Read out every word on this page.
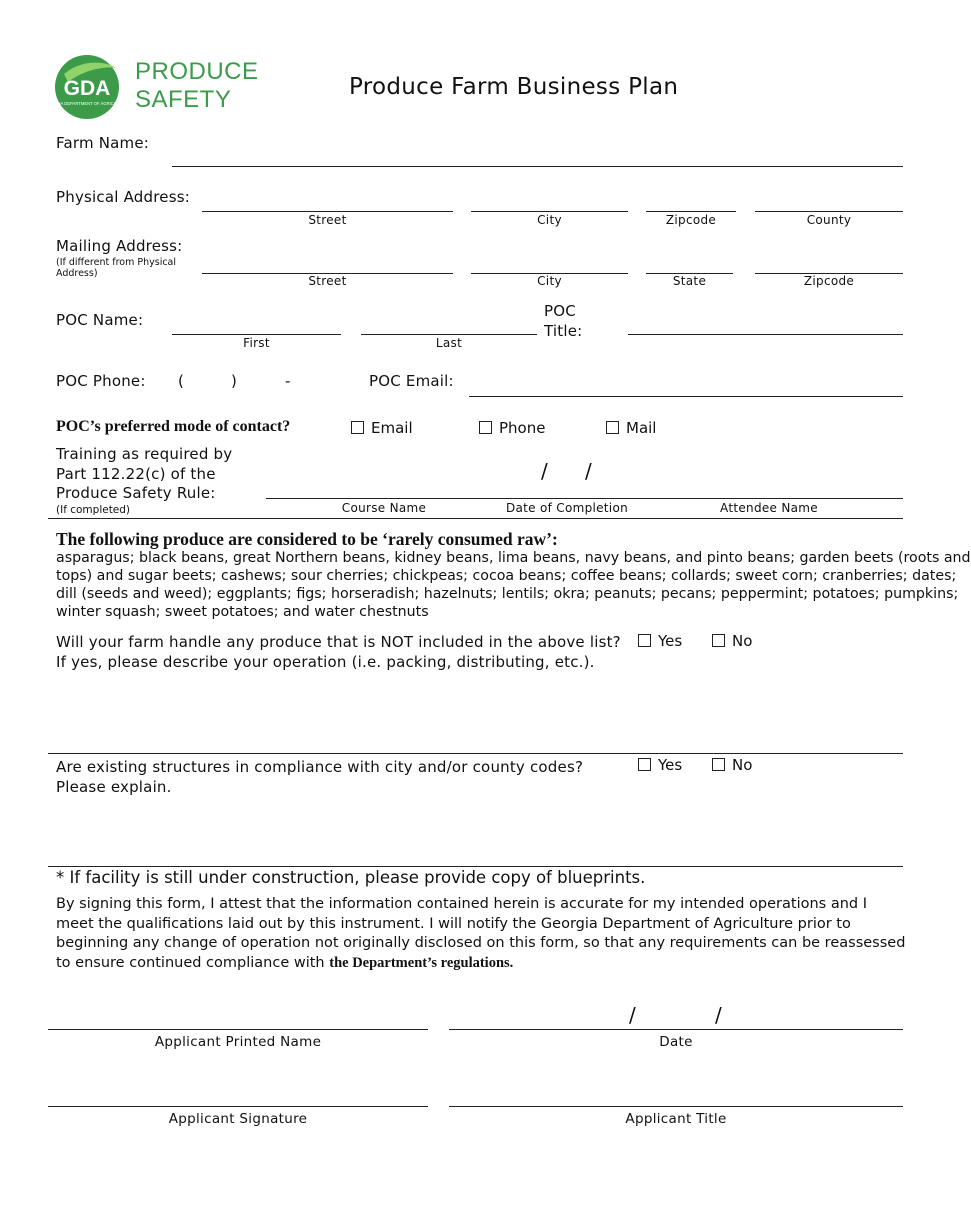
GDA
GEORGIA DEPARTMENT OF AGRICULTURE
PRODUCE
SAFETY	Produce Farm Business Plan
Farm Name:
Physical Address:
Street	City	Zipcode	County
Mailing Address:
(If different from Physical Address)
Street	City	State	Zipcode
POC Name:
First	Last
POC
Title:
POC Phone: (	)	-	POC Email:
POC’s preferred mode of contact?	Email	Phone	Mail
Training as required by
Part 112.22(c) of the
Produce Safety Rule:
(If completed)
/ /
Course Name	Date of Completion	Attendee Name
The following produce are considered to be ‘rarely consumed raw’:
asparagus; black beans, great Northern beans, kidney beans, lima beans, navy beans, and pinto beans; garden beets (roots and
tops) and sugar beets; cashews; sour cherries; chickpeas; cocoa beans; coffee beans; collards; sweet corn; cranberries; dates;
dill (seeds and weed); eggplants; figs; horseradish; hazelnuts; lentils; okra; peanuts; pecans; peppermint; potatoes; pumpkins;
winter squash; sweet potatoes; and water chestnuts
Will your farm handle any produce that is NOT included in the above list?
If yes, please describe your operation (i.e. packing, distributing, etc.).
Yes	No
Are existing structures in compliance with city and/or county codes?
Please explain.
Yes	No
* If facility is still under construction, please provide copy of blueprints.
By signing this form, I attest that the information contained herein is accurate for my intended operations and I
meet the qualifications laid out by this instrument. I will notify the Georgia Department of Agriculture prior to
beginning any change of operation not originally disclosed on this form, so that any requirements can be reassessed
to ensure continued compliance with the Department’s regulations.
Applicant Printed Name
/	/
Date
Applicant Signature	Applicant Title
